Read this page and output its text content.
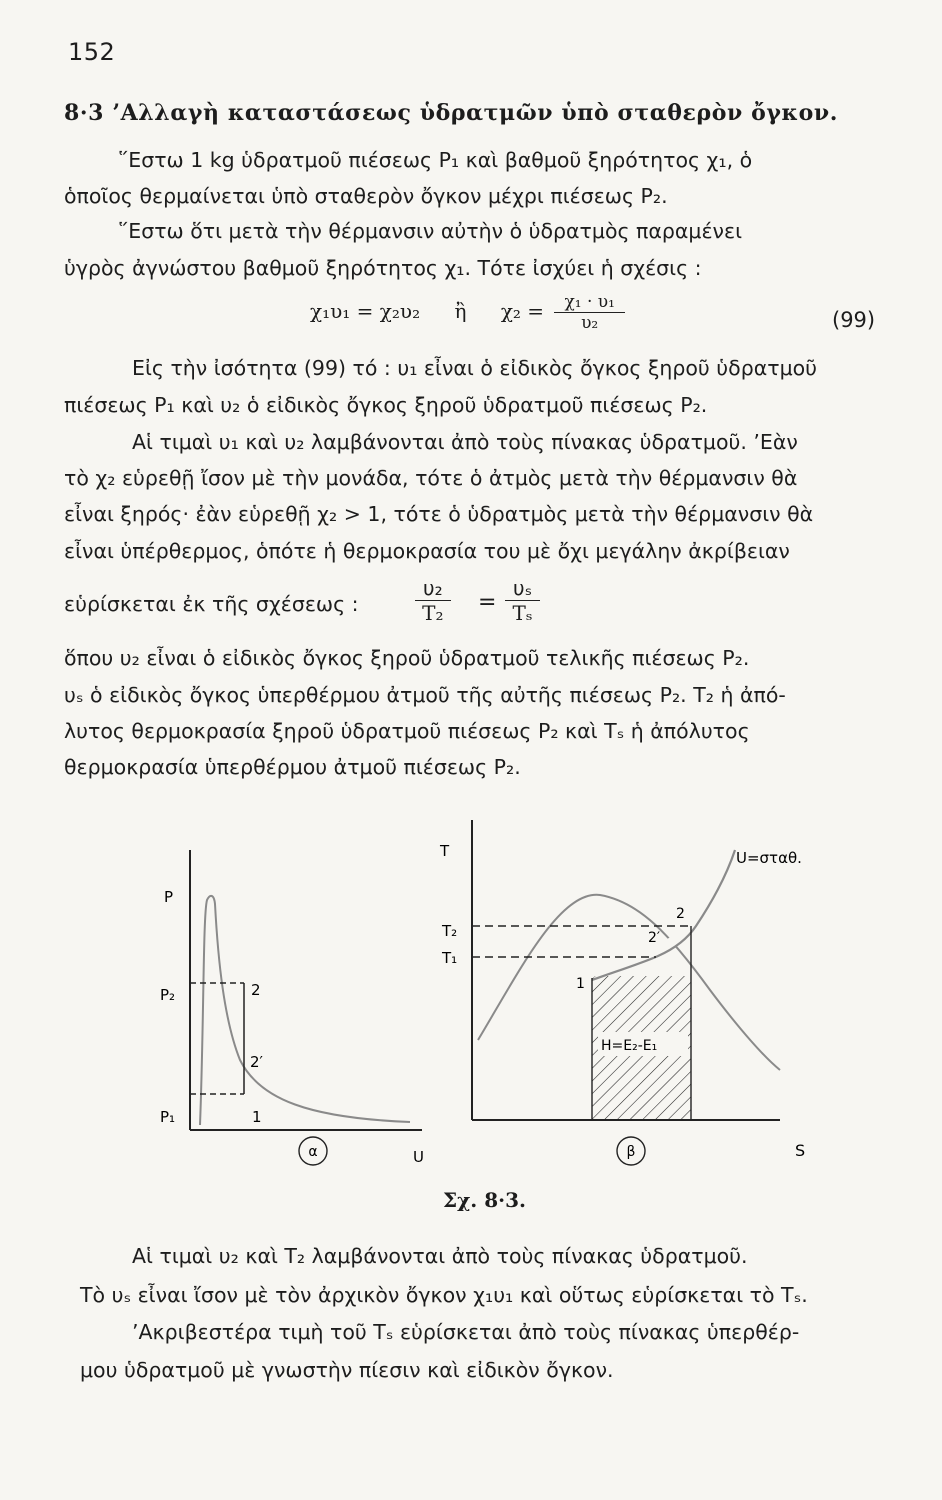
152
8·3 ’Αλλαγὴ καταστάσεως ὑδρατμῶν ὑπὸ σταθερὸν ὄγκον.
῞Εστω 1 kg ὑδρατμοῦ πιέσεως P₁ καὶ βαθμοῦ ξηρότητος χ₁, ὁ
ὁποῖος θερμαίνεται ὑπὸ σταθερὸν ὄγκον μέχρι πιέσεως P₂.
῞Εστω ὅτι μετὰ τὴν θέρμανσιν αὐτὴν ὁ ὑδρατμὸς παραμένει
ὑγρὸς ἀγνώστου βαθμοῦ ξηρότητος χ₁. Τότε ἰσχύει ἡ σχέσις :
χ₁υ₁ = χ₂υ₂ ἢ $\chi_2 = \frac{\text{χ₁ · υ₁}}{\text{υ₂}}$	(99)
Εἰς τὴν ἰσότητα (99) τό : υ₁ εἶναι ὁ εἰδικὸς ὄγκος ξηροῦ ὑδρατμοῦ
πιέσεως P₁ καὶ υ₂ ὁ εἰδικὸς ὄγκος ξηροῦ ὑδρατμοῦ πιέσεως P₂.
Αἱ τιμαὶ υ₁ καὶ υ₂ λαμβάνονται ἀπὸ τοὺς πίνακας ὑδρατμοῦ. ’Εὰν
τὸ χ₂ εὑρεθῇ ἴσον μὲ τὴν μονάδα, τότε ὁ ἀτμὸς μετὰ τὴν θέρμανσιν θὰ
εἶναι ξηρός· ἐὰν εὑρεθῇ χ₂ > 1, τότε ὁ ὑδρατμὸς μετὰ τὴν θέρμανσιν θὰ
εἶναι ὑπέρθερμος, ὁπότε ἡ θερμοκρασία του μὲ ὄχι μεγάλην ἀκρίβειαν
εὑρίσκεται ἐκ τῆς σχέσεως :	$\frac{\text{υ₂}}{\text{T₂}} = \frac{\text{υₛ}}{\text{Tₛ}}$
ὅπου υ₂ εἶναι ὁ εἰδικὸς ὄγκος ξηροῦ ὑδρατμοῦ τελικῆς πιέσεως P₂.
υₛ ὁ εἰδικὸς ὄγκος ὑπερθέρμου ἀτμοῦ τῆς αὐτῆς πιέσεως P₂. T₂ ἡ ἀπό-
λυτος θερμοκρασία ξηροῦ ὑδρατμοῦ πιέσεως P₂ καὶ Tₛ ἡ ἀπόλυτος
θερμοκρασία ὑπερθέρμου ἀτμοῦ πιέσεως P₂.
P
P₂
P₁
2
2′
1
U
α
T
T₂
T₁
U=σταθ.
2
2′
1
H=E₂-E₁
S
β
Σχ. 8·3.
Αἱ τιμαὶ υ₂ καὶ T₂ λαμβάνονται ἀπὸ τοὺς πίνακας ὑδρατμοῦ.
Τὸ υₛ εἶναι ἴσον μὲ τὸν ἀρχικὸν ὄγκον χ₁υ₁ καὶ οὕτως εὑρίσκεται τὸ Tₛ.
’Ακριβεστέρα τιμὴ τοῦ Tₛ εὑρίσκεται ἀπὸ τοὺς πίνακας ὑπερθέρ-
μου ὑδρατμοῦ μὲ γνωστὴν πίεσιν καὶ εἰδικὸν ὄγκον.
